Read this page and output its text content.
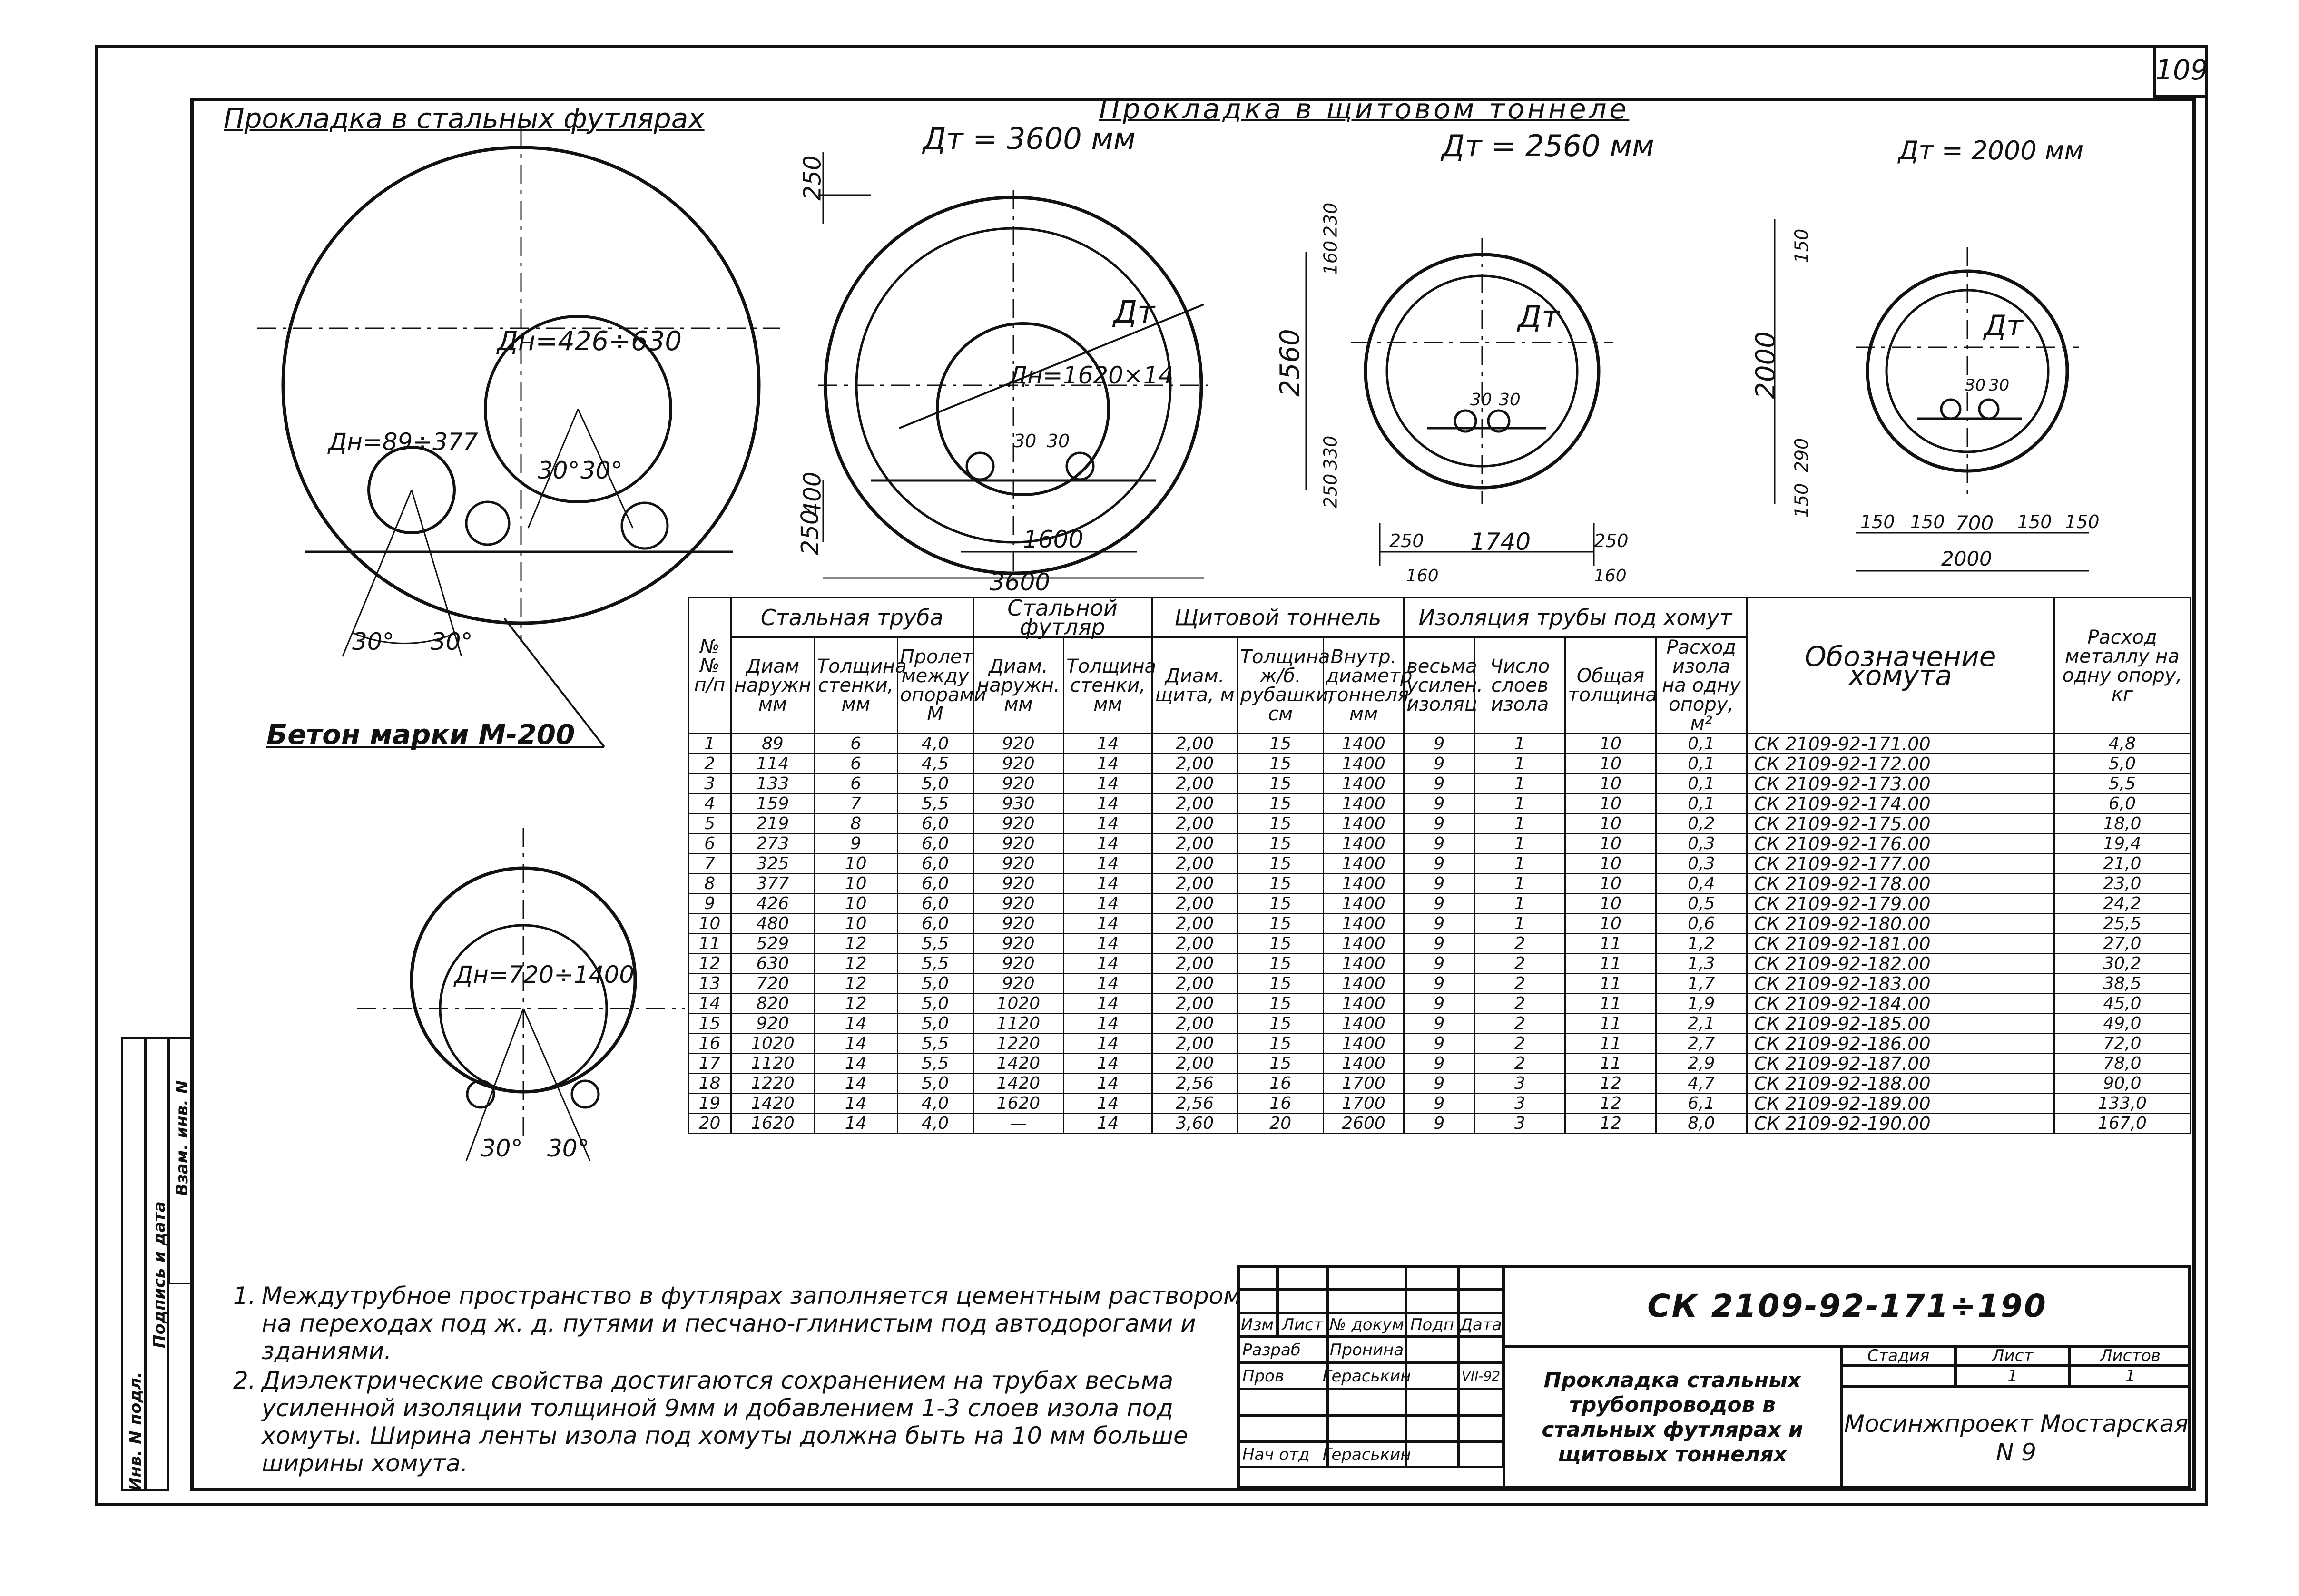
109
Прокладка в стальных футлярах	Прокладка в щитовом тоннеле
Дн=426÷630
Дн=89÷377
30° 30°
30° 30°
Бетон марки М-200
Дн=720÷1400
30° 30°
Дт = 3600 мм
Дн=1620×14
Дт
250
250
400
1600
3600
30 30
Дт = 2560 мм
Дт
2560
160
230
250
330
250 1740	250
160	160
30 30
Дт = 2000 мм
Дт
2000
150
290
150
150 150 700 150 150
2000
30 30
№№ п/п	Стальная труба			Стальной футляр		Щитовой тоннель			Изоляция трубы под хомут				Обозначение хомута	Расход металлу на одну опору, кг
	Диам наружн мм	Толщина стенки, мм	Пролет между опорами М	Диам. наружн. мм	Толщина стенки, мм	Диам. щита, м	Толщина ж/б. рубашки, см	Внутр. диаметр тоннеля, мм	весьма усилен. изоляц	Число слоев изола	Общая толщина	Расход изола на одну опору, м²		
1	89	6	4,0	920	14	2,00	15	1400	9	1	10	0,1	СК 2109-92-171.00	4,8
2	114	6	4,5	920	14	2,00	15	1400	9	1	10	0,1	СК 2109-92-172.00	5,0
3	133	6	5,0	920	14	2,00	15	1400	9	1	10	0,1	СК 2109-92-173.00	5,5
4	159	7	5,5	930	14	2,00	15	1400	9	1	10	0,1	СК 2109-92-174.00	6,0
5	219	8	6,0	920	14	2,00	15	1400	9	1	10	0,2	СК 2109-92-175.00	18,0
6	273	9	6,0	920	14	2,00	15	1400	9	1	10	0,3	СК 2109-92-176.00	19,4
7	325	10	6,0	920	14	2,00	15	1400	9	1	10	0,3	СК 2109-92-177.00	21,0
8	377	10	6,0	920	14	2,00	15	1400	9	1	10	0,4	СК 2109-92-178.00	23,0
9	426	10	6,0	920	14	2,00	15	1400	9	1	10	0,5	СК 2109-92-179.00	24,2
10	480	10	6,0	920	14	2,00	15	1400	9	1	10	0,6	СК 2109-92-180.00	25,5
11	529	12	5,5	920	14	2,00	15	1400	9	2	11	1,2	СК 2109-92-181.00	27,0
12	630	12	5,5	920	14	2,00	15	1400	9	2	11	1,3	СК 2109-92-182.00	30,2
13	720	12	5,0	920	14	2,00	15	1400	9	2	11	1,7	СК 2109-92-183.00	38,5
14	820	12	5,0	1020	14	2,00	15	1400	9	2	11	1,9	СК 2109-92-184.00	45,0
15	920	14	5,0	1120	14	2,00	15	1400	9	2	11	2,1	СК 2109-92-185.00	49,0
16	1020	14	5,5	1220	14	2,00	15	1400	9	2	11	2,7	СК 2109-92-186.00	72,0
17	1120	14	5,5	1420	14	2,00	15	1400	9	2	11	2,9	СК 2109-92-187.00	78,0
18	1220	14	5,0	1420	14	2,56	16	1700	9	3	12	4,7	СК 2109-92-188.00	90,0
19	1420	14	4,0	1620	14	2,56	16	1700	9	3	12	6,1	СК 2109-92-189.00	133,0
20	1620	14	4,0	—	14	3,60	20	2600	9	3	12	8,0	СК 2109-92-190.00	167,0
1. Междутрубное пространство в футлярах заполняется цементным раствором на переходах под ж. д. путями и песчано-глинистым под автодорогами и зданиями.
2. Диэлектрические свойства достигаются сохранением на трубах весьма усиленной изоляции толщиной 9мм и добавлением 1-3 слоев изола под хомуты. Ширина ленты изола под хомуты должна быть на 10 мм больше ширины хомута.
Изм Лист № докум Подп Дата
Разраб	Пронина
Пров	Гераськин	VII-92
Нач отд Гераськин
СК 2109-92-171÷190
Прокладка стальных трубопроводов в стальных футлярах и щитовых тоннелях
Стадия	Лист	Листов
1	1
Мосинжпроект Мостарская N 9
Инв. N подл.
Подпись и дата
Взам. инв. N
